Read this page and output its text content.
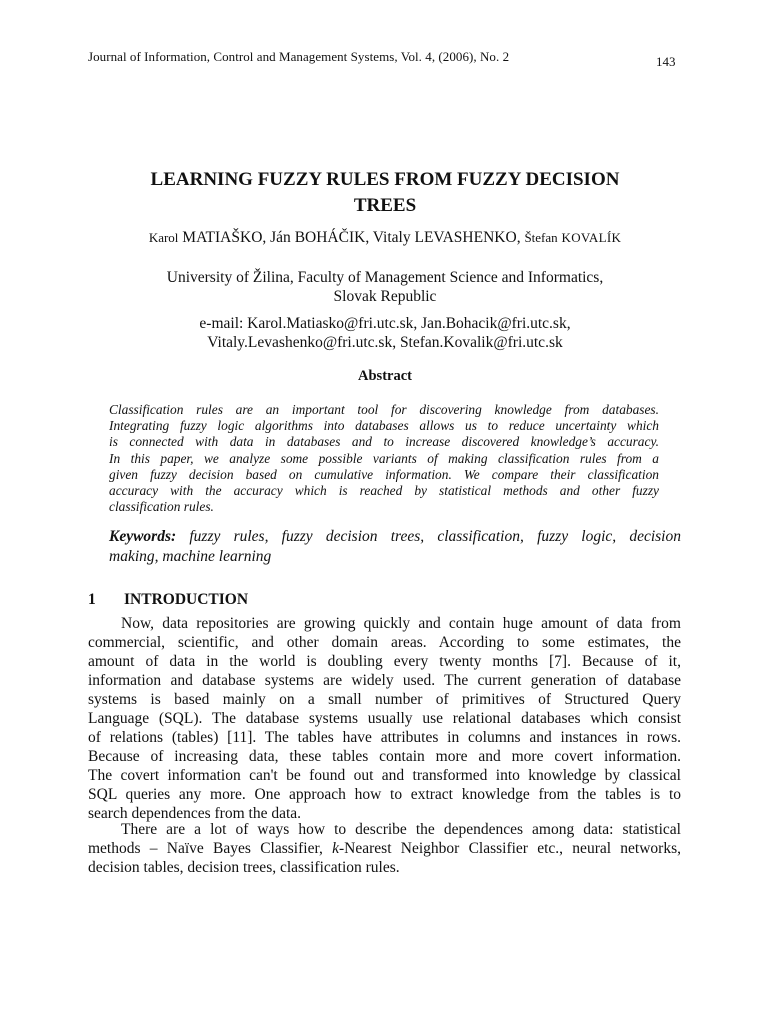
Journal of Information, Control and Management Systems, Vol. 4, (2006), No. 2	143
LEARNING FUZZY RULES FROM FUZZY DECISION
TREES
Karol MATIAŠKO, Ján BOHÁČIK, Vitaly LEVASHENKO, Štefan KOVALÍK
University of Žilina, Faculty of Management Science and Informatics,
Slovak Republic
e-mail: Karol.Matiasko@fri.utc.sk, Jan.Bohacik@fri.utc.sk,
Vitaly.Levashenko@fri.utc.sk, Stefan.Kovalik@fri.utc.sk
Abstract

Classification rules are an important tool for discovering knowledge from databases.
Integrating fuzzy logic algorithms into databases allows us to reduce uncertainty which
is connected with data in databases and to increase discovered knowledge’s accuracy.
In this paper, we analyze some possible variants of making classification rules from a
given fuzzy decision based on cumulative information. We compare their classification
accuracy with the accuracy which is reached by statistical methods and other fuzzy
classification rules.

Keywords: fuzzy rules, fuzzy decision trees, classification, fuzzy logic, decision
making, machine learning
1 INTRODUCTION

Now, data repositories are growing quickly and contain huge amount of data from
commercial, scientific, and other domain areas. According to some estimates, the
amount of data in the world is doubling every twenty months [7]. Because of it,
information and database systems are widely used. The current generation of database
systems is based mainly on a small number of primitives of Structured Query
Language (SQL). The database systems usually use relational databases which consist
of relations (tables) [11]. The tables have attributes in columns and instances in rows.
Because of increasing data, these tables contain more and more covert information.
The covert information can't be found out and transformed into knowledge by classical
SQL queries any more. One approach how to extract knowledge from the tables is to
search dependences from the data.

There are a lot of ways how to describe the dependences among data: statistical
methods – Naïve Bayes Classifier, k-Nearest Neighbor Classifier etc., neural networks,
decision tables, decision trees, classification rules.
